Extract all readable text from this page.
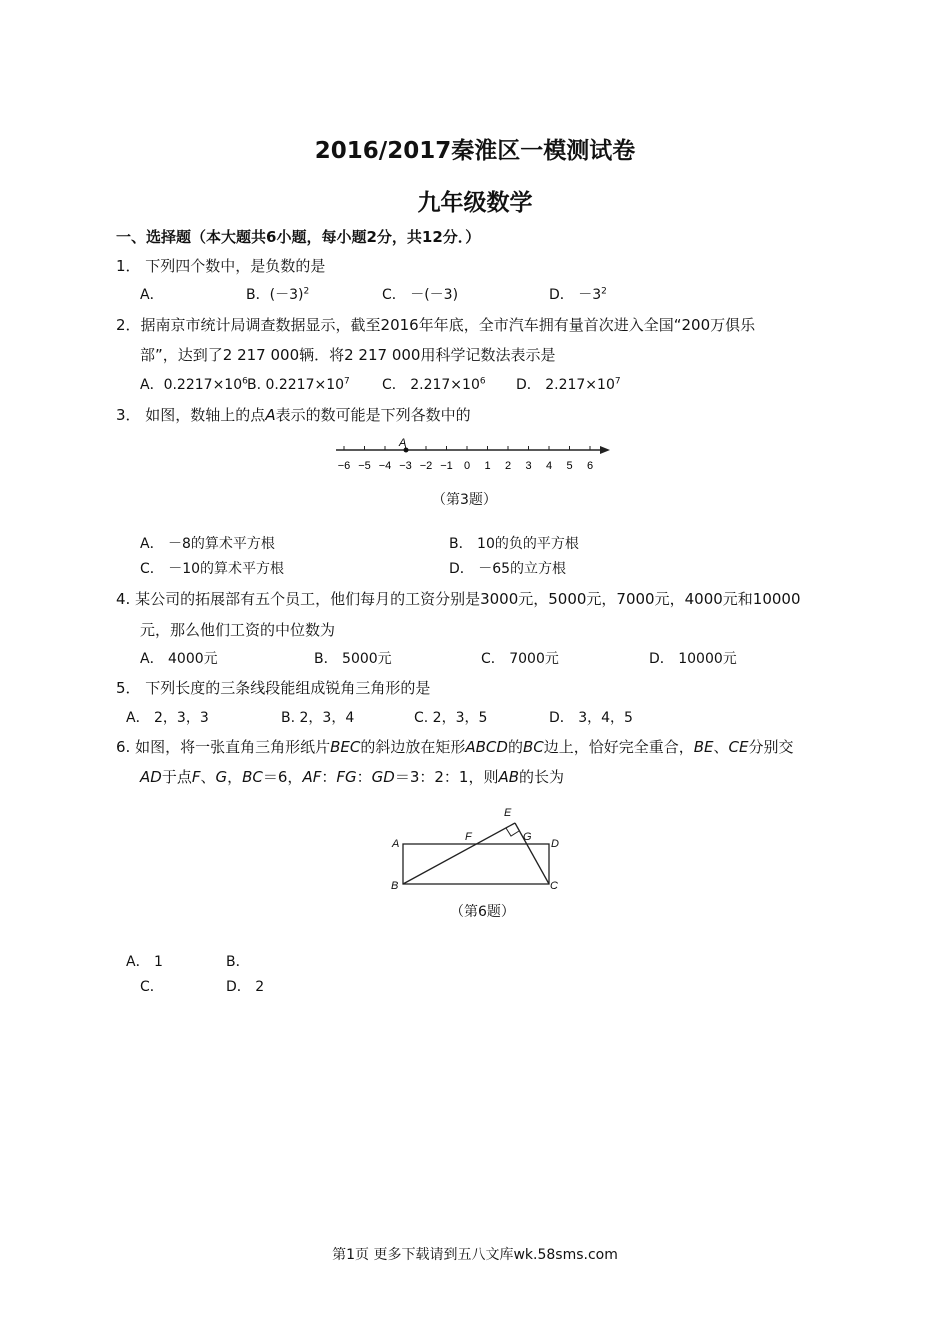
2016/2017秦淮区一模测试卷
九年级数学
一、选择题（本大题共6小题，每小题2分，共12分．）
1． 下列四个数中，是负数的是
A．	B．$(-3)^2$	C． －(－3)	D． $-3^2$
2．据南京市统计局调查数据显示，截至2016年年底，全市汽车拥有量首次进入全国“200万俱乐
部”，达到了2 217 000辆．将2 217 000用科学记数法表示是
A．$0.2217\times 10^6$ B. $0.2217\times 10^7$ C． $2.217\times 10^6$ D． $2.217\times 10^7$
3． 如图，数轴上的点A表示的数可能是下列各数中的
−6 −5 −4 −3 −2 −1 0 1 2 3 4 5 6
A
（第3题）
A． －8的算术平方根	B． 10的负的平方根
C． －10的算术平方根	D． －65的立方根
4. 某公司的拓展部有五个员工，他们每月的工资分别是3000元，5000元，7000元，4000元和10000
元，那么他们工资的中位数为
A． 4000元	B． 5000元	C． 7000元	D． 10000元
5． 下列长度的三条线段能组成锐角三角形的是
A． 2，3，3	B. 2，3，4	C. 2，3，5	D． 3，4，5
6. 如图，将一张直角三角形纸片BEC的斜边放在矩形ABCD的BC边上，恰好完全重合，BE、CE分别交
AD于点F、G，BC＝6，AF：FG：GD＝3：2：1，则AB的长为
E
A
F	G
D
B	C
（第6题）
A． 1	B．
C．	D． 2
第1页 更多下载请到五八文库wk.58sms.com
